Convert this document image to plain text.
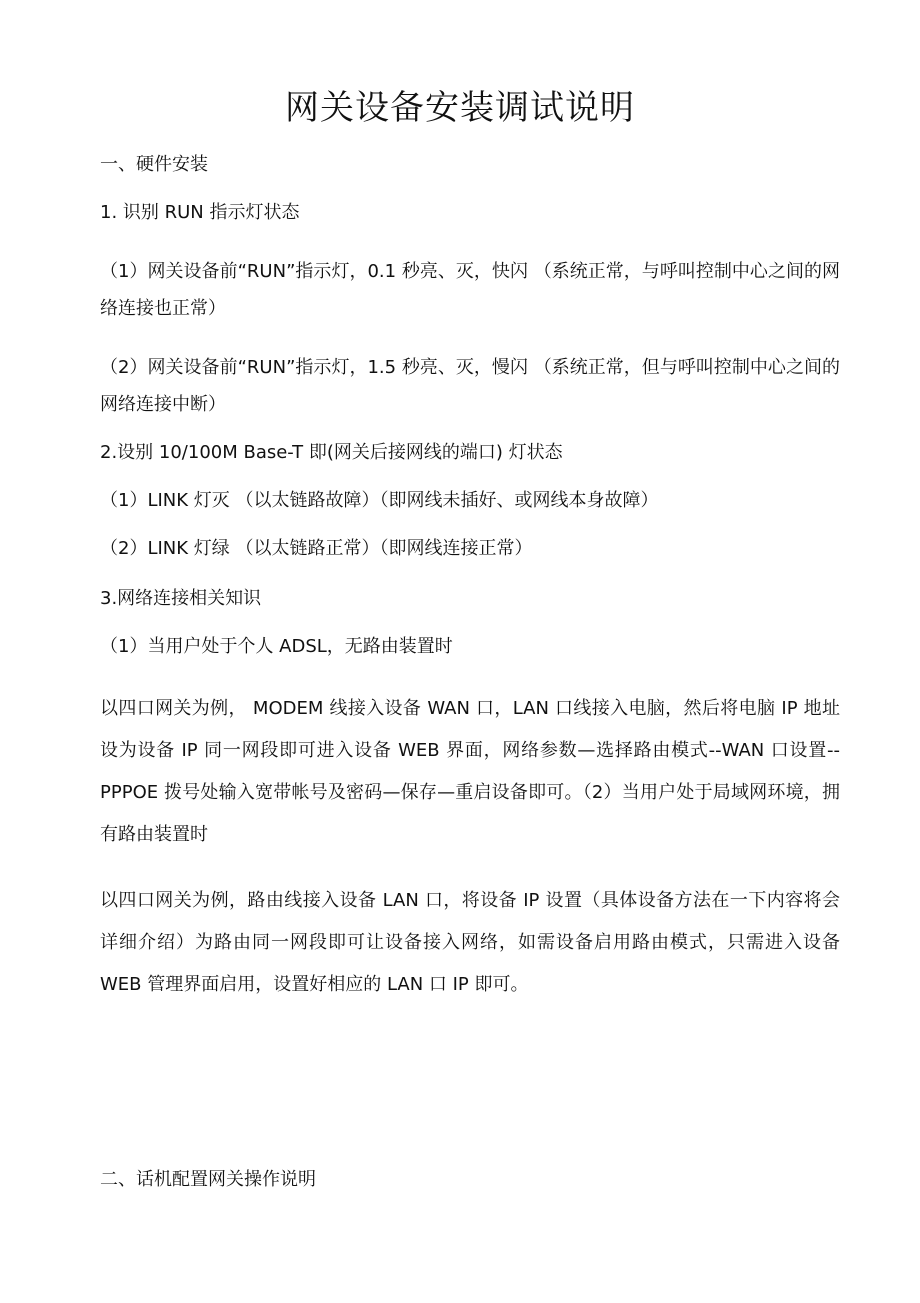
网关设备安装调试说明

一、硬件安装

1. 识别 RUN 指示灯状态

（1）网关设备前“RUN”指示灯，0.1 秒亮、灭，快闪 （系统正常，与呼叫控制中心之间的网络连接也正常）

（2）网关设备前“RUN”指示灯，1.5 秒亮、灭，慢闪 （系统正常，但与呼叫控制中心之间的网络连接中断）

2.设别 10/100M Base-T 即(网关后接网线的端口) 灯状态

（1）LINK 灯灭 （以太链路故障）（即网线未插好、或网线本身故障）

（2）LINK 灯绿 （以太链路正常）（即网线连接正常）

3.网络连接相关知识

（1）当用户处于个人 ADSL，无路由装置时

以四口网关为例， MODEM 线接入设备 WAN 口，LAN 口线接入电脑，然后将电脑 IP 地址设为设备 IP 同一网段即可进入设备 WEB 界面，网络参数—选择路由模式--WAN 口设置--PPPOE 拨号处输入宽带帐号及密码—保存—重启设备即可。（2）当用户处于局域网环境，拥有路由装置时

以四口网关为例，路由线接入设备 LAN 口，将设备 IP 设置（具体设备方法在一下内容将会详细介绍）为路由同一网段即可让设备接入网络，如需设备启用路由模式，只需进入设备 WEB 管理界面启用，设置好相应的 LAN 口 IP 即可。

二、话机配置网关操作说明
